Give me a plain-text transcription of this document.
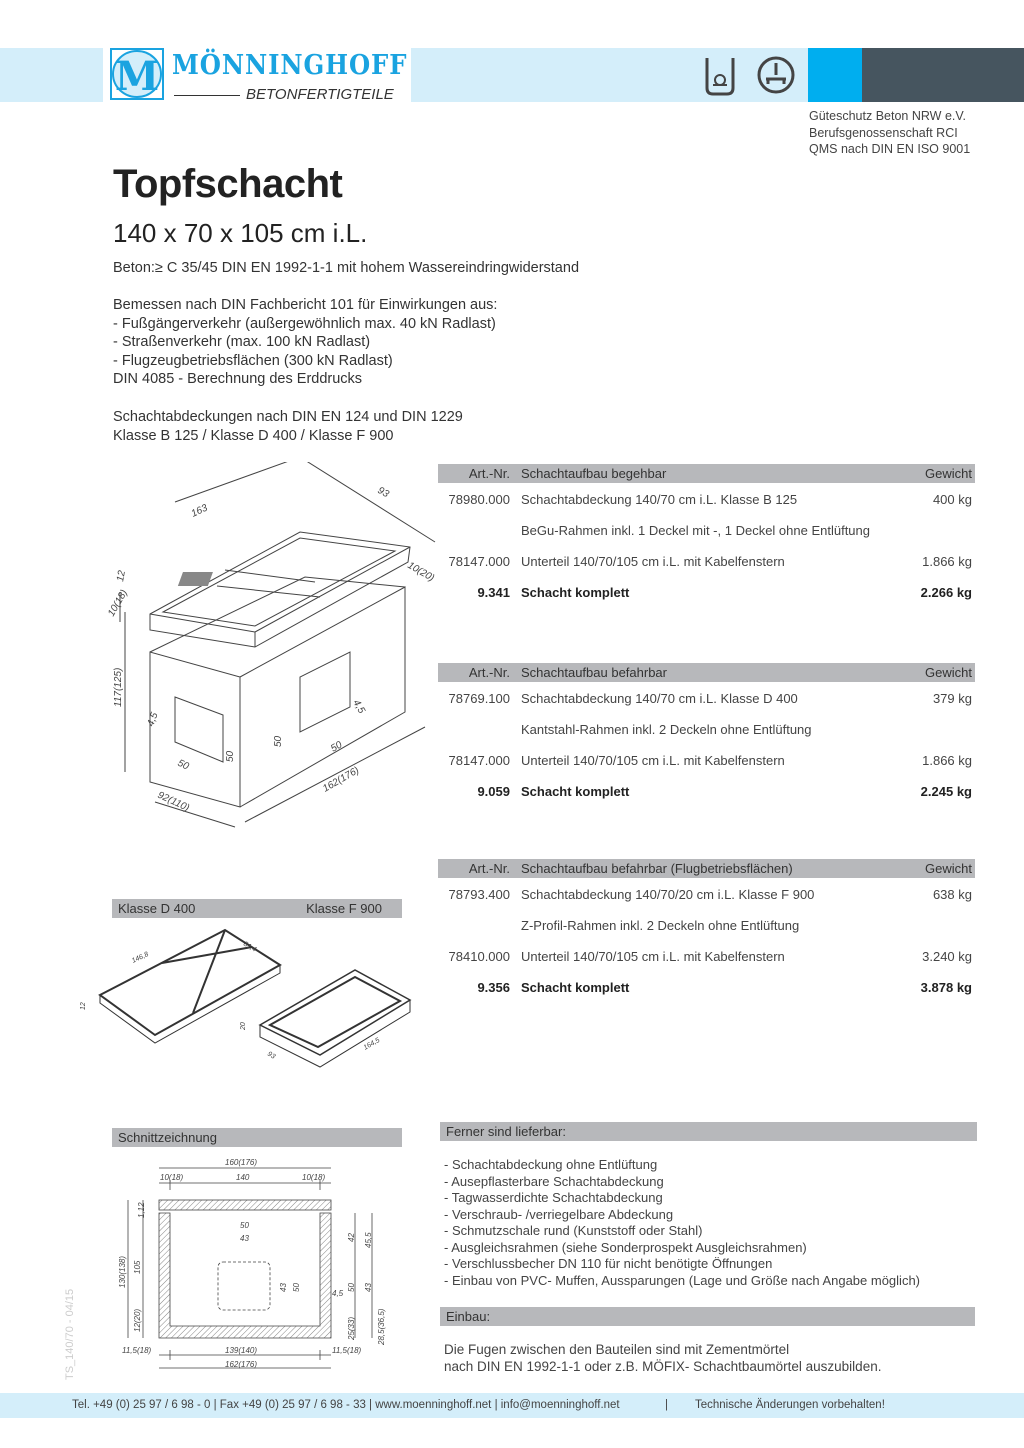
M MÖNNINGHOFF
BETONFERTIGTEILE
Güteschutz Beton NRW e.V.
Berufsgenossenschaft RCI
QMS nach DIN EN ISO 9001
Topfschacht
140 x 70 x 105 cm i.L.
Beton:≥ C 35/45 DIN EN 1992-1-1 mit hohem Wassereindringwiderstand
Bemessen nach DIN Fachbericht 101 für Einwirkungen aus:
- Fußgängerverkehr (außergewöhnlich max. 40 kN Radlast)
- Straßenverkehr (max. 100 kN Radlast)
- Flugzeugbetriebsflächen (300 kN Radlast)
DIN 4085 - Berechnung des Erddrucks
Schachtabdeckungen nach DIN EN 124 und DIN 1229
Klasse B 125 / Klasse D 400 / Klasse F 900
Art.-Nr. Schachtaufbau begehbar	Gewicht
78980.000 Schachtabdeckung 140/70 cm i.L. Klasse B 125	400 kg
BeGu-Rahmen inkl. 1 Deckel mit -, 1 Deckel ohne Entlüftung
78147.000 Unterteil 140/70/105 cm i.L. mit Kabelfenstern	1.866 kg
9.341 Schacht komplett	2.266 kg
Art.-Nr. Schachtaufbau befahrbar	Gewicht
78769.100 Schachtabdeckung 140/70 cm i.L. Klasse D 400	379 kg
Kantstahl-Rahmen inkl. 2 Deckeln ohne Entlüftung
78147.000 Unterteil 140/70/105 cm i.L. mit Kabelfenstern	1.866 kg
9.059 Schacht komplett	2.245 kg
Art.-Nr. Schachtaufbau befahrbar (Flugbetriebsflächen)	Gewicht
78793.400 Schachtabdeckung 140/70/20 cm i.L. Klasse F 900	638 kg
Z-Profil-Rahmen inkl. 2 Deckeln ohne Entlüftung
78410.000 Unterteil 140/70/105 cm i.L. mit Kabelfenstern	3.240 kg
9.356 Schacht komplett	3.878 kg
163
93
12	10(20)
10(18)
117(125)
4,5
50
50
92(110)
162(176)
50
4,5
50
Klasse D 400	Klasse F 900
146,8
81,4
12
20
93
164,5
Schnittzeichnung
160(176)
10(18)	140	10(18)
1,12
130(138) 105
12(20)
50
43
43 50
42 45,5
50 43
4,5
25(33)	28,5(36,5)
11,5(18)	139(140)	11,5(18)
162(176)
Ferner sind lieferbar:
- Schachtabdeckung ohne Entlüftung
- Ausepflasterbare Schachtabdeckung
- Tagwasserdichte Schachtabdeckung
- Verschraub- /verriegelbare Abdeckung
- Schmutzschale rund (Kunststoff oder Stahl)
- Ausgleichsrahmen (siehe Sonderprospekt Ausgleichsrahmen)
- Verschlussbecher DN 110 für nicht benötigte Öffnungen
- Einbau von PVC- Muffen, Aussparungen (Lage und Größe nach Angabe möglich)
Einbau:
Die Fugen zwischen den Bauteilen sind mit Zementmörtel
nach DIN EN 1992-1-1 oder z.B. MÖFIX- Schachtbaumörtel auszubilden.
TS_140/70 - 04/15
Tel. +49 (0) 25 97 / 6 98 - 0 | Fax +49 (0) 25 97 / 6 98 - 33 | www.moenninghoff.net | info@moenninghoff.net	| Technische Änderungen vorbehalten!
